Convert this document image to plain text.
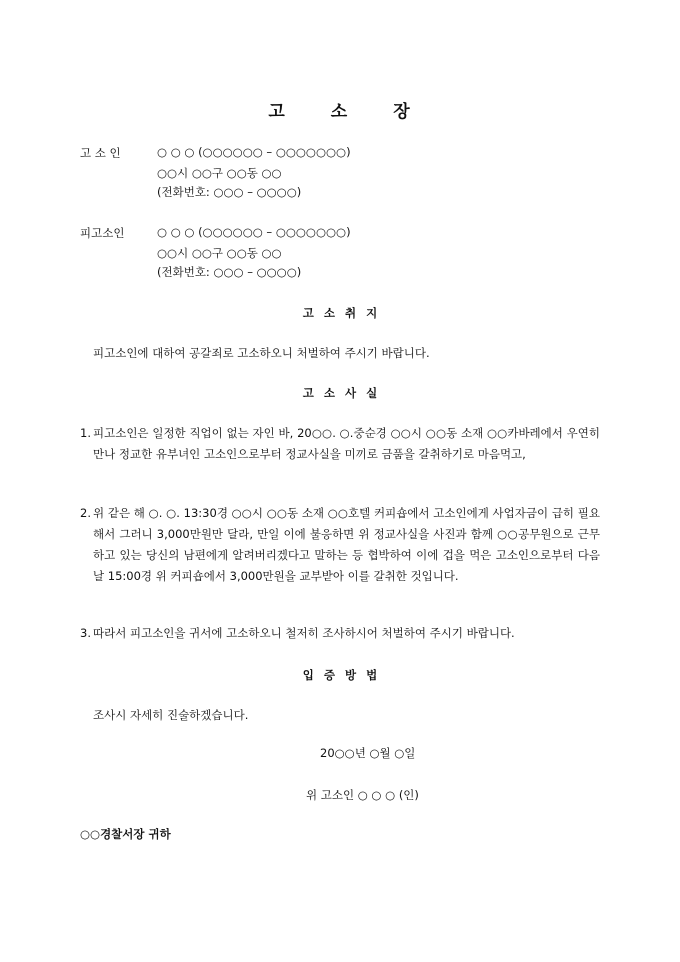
고	소	장
고 소 인	○ ○ ○ (○○○○○○ – ○○○○○○○)
○○시 ○○구 ○○동 ○○
(전화번호: ○○○ – ○○○○)
피고소인	○ ○ ○ (○○○○○○ – ○○○○○○○)
○○시 ○○구 ○○동 ○○
(전화번호: ○○○ – ○○○○)
고 소 취 지
피고소인에 대하여 공갈죄로 고소하오니 처벌하여 주시기 바랍니다.
고 소 사 실
1. 피고소인은 일정한 직업이 없는 자인 바, 20○○. ○.중순경 ○○시 ○○동 소재 ○○카바레에서 우연히 만나 정교한 유부녀인 고소인으로부터 정교사실을 미끼로 금품을 갈취하기로 마음먹고,
2. 위 같은 해 ○. ○. 13:30경 ○○시 ○○동 소재 ○○호텔 커피숍에서 고소인에게 사업자금이 급히 필요해서 그러니 3,000만원만 달라, 만일 이에 불응하면 위 정교사실을 사진과 함께 ○○공무원으로 근무하고 있는 당신의 남편에게 알려버리겠다고 말하는 등 협박하여 이에 겁을 먹은 고소인으로부터 다음날 15:00경 위 커피숍에서 3,000만원을 교부받아 이를 갈취한 것입니다.
3. 따라서 피고소인을 귀서에 고소하오니 철저히 조사하시어 처벌하여 주시기 바랍니다.
입 증 방 법
조사시 자세히 진술하겠습니다.
20○○년 ○월 ○일
위 고소인 ○ ○ ○ (인)
○○경찰서장 귀하
